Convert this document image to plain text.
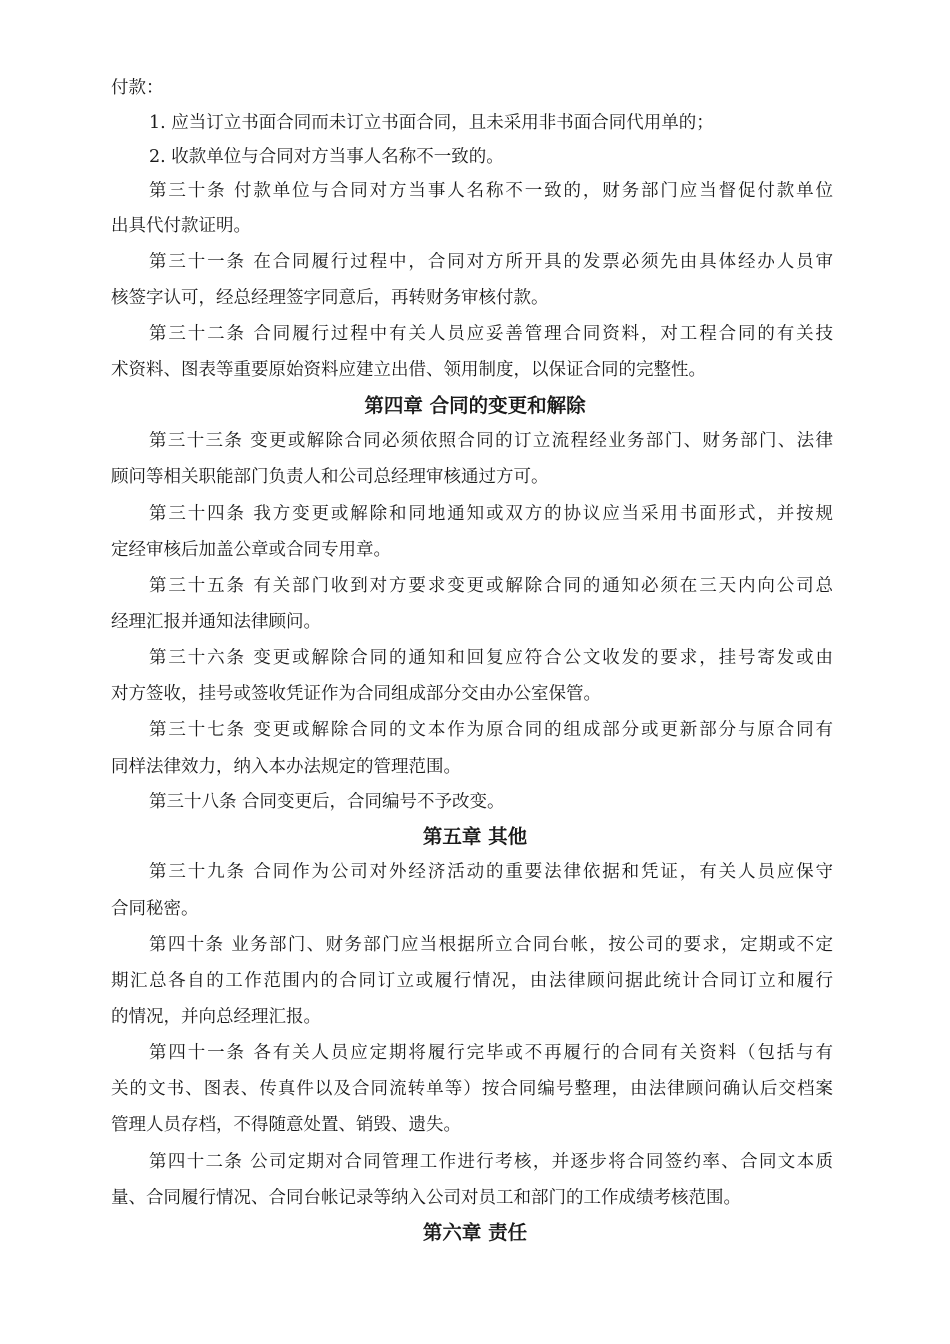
付款：
1. 应当订立书面合同而未订立书面合同，且未采用非书面合同代用单的；
2. 收款单位与合同对方当事人名称不一致的。
第三十条 付款单位与合同对方当事人名称不一致的，财务部门应当督促付款单位
出具代付款证明。
第三十一条 在合同履行过程中，合同对方所开具的发票必须先由具体经办人员审
核签字认可，经总经理签字同意后，再转财务审核付款。
第三十二条 合同履行过程中有关人员应妥善管理合同资料，对工程合同的有关技
术资料、图表等重要原始资料应建立出借、领用制度，以保证合同的完整性。
第四章 合同的变更和解除
第三十三条 变更或解除合同必须依照合同的订立流程经业务部门、财务部门、法律
顾问等相关职能部门负责人和公司总经理审核通过方可。
第三十四条 我方变更或解除和同地通知或双方的协议应当采用书面形式，并按规
定经审核后加盖公章或合同专用章。
第三十五条 有关部门收到对方要求变更或解除合同的通知必须在三天内向公司总
经理汇报并通知法律顾问。
第三十六条 变更或解除合同的通知和回复应符合公文收发的要求，挂号寄发或由
对方签收，挂号或签收凭证作为合同组成部分交由办公室保管。
第三十七条 变更或解除合同的文本作为原合同的组成部分或更新部分与原合同有
同样法律效力，纳入本办法规定的管理范围。
第三十八条 合同变更后，合同编号不予改变。
第五章 其他
第三十九条 合同作为公司对外经济活动的重要法律依据和凭证，有关人员应保守
合同秘密。
第四十条 业务部门、财务部门应当根据所立合同台帐，按公司的要求，定期或不定
期汇总各自的工作范围内的合同订立或履行情况，由法律顾问据此统计合同订立和履行
的情况，并向总经理汇报。
第四十一条 各有关人员应定期将履行完毕或不再履行的合同有关资料（包括与有
关的文书、图表、传真件以及合同流转单等）按合同编号整理，由法律顾问确认后交档案
管理人员存档，不得随意处置、销毁、遗失。
第四十二条 公司定期对合同管理工作进行考核，并逐步将合同签约率、合同文本质
量、合同履行情况、合同台帐记录等纳入公司对员工和部门的工作成绩考核范围。
第六章 责任
